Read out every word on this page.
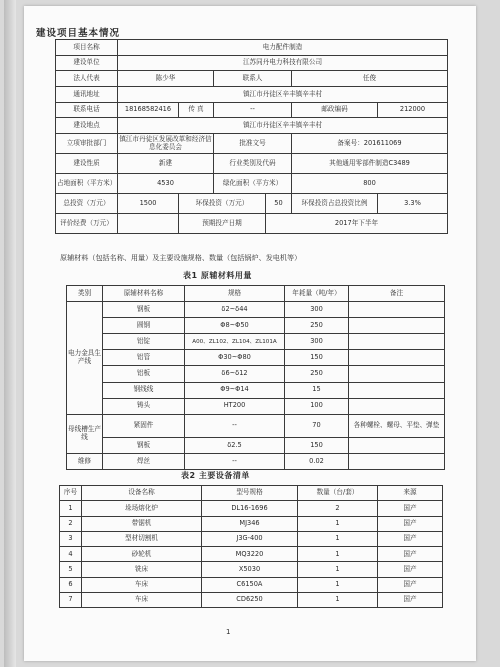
建设项目基本情况
项目名称	电力配件制造					
建设单位	江苏同丹电力科技有限公司					
法人代表	陈少华		联系人		任俊	
通讯地址	镇江市丹徒区辛丰镇辛丰村					
联系电话	18168582416	传 真	--		邮政编码	212000
建设地点	镇江市丹徒区辛丰镇辛丰村					
立项审批部门	镇江市丹徒区发展改革和经济信息化委员会		批准文号		备案号：201611069	
建设性质	新建		行业类别及代码		其他通用零部件制造C3489	
占地面积（平方米）	4530		绿化面积（平方米）		800	
总投资（万元）	1500	环保投资（万元）		50	环保投资占总投资比例	3.3%
评价经费（万元）		预期投产日期		2017年下半年		
原辅材料（包括名称、用量）及主要设施规格、数量（包括锅炉、发电机等）
表1 原辅材料用量
类别	原辅材料名称	规格	年耗量（吨/年）	备注
电力金具生产线	钢板	δ2~δ44	300	
	圆钢	Φ8~Φ50	250	
	铝锭	A00、ZL102、ZL104、ZL101A	300	
	铝管	Φ30~Φ80	150	
	铝板	δ6~δ12	250	
	钢线线	Φ9~Φ14	15	
	铸头	HT200	100	
母线槽生产线	紧固件	--	70	各种螺栓、螺母、平垫、弹垫
	钢板	δ2.5	150	
维修	焊丝	--	0.02	
表2 主要设备清单
序号	设备名称	型号规格	数量（台/套）	来源
1	垛场熔化炉	DL16-1696	2	国产
2	带锯机	MJ346	1	国产
3	型材切割机	J3G-400	1	国产
4	砂轮机	MQ3220	1	国产
5	铣床	X5030	1	国产
6	车床	C6150A	1	国产
7	车床	CD6250	1	国产
1
